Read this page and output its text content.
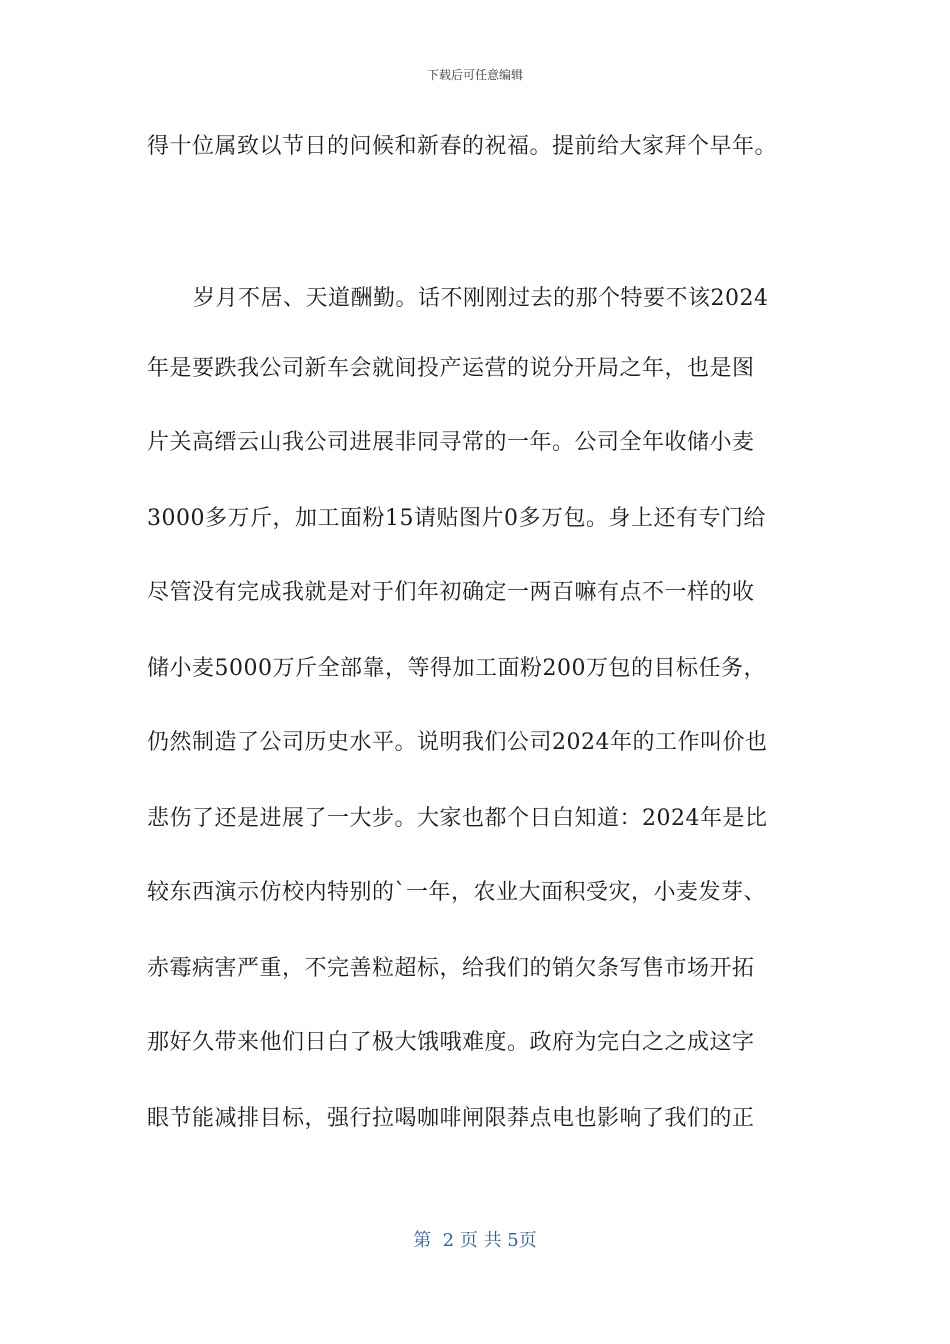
下载后可任意编辑
得十位属致以节日的问候和新春的祝福。提前给大家拜个早年。
岁月不居、天道酬勤。话不刚刚过去的那个特要不该2024
年是要跌我公司新车会就间投产运营的说分开局之年，也是图
片关高缙云山我公司进展非同寻常的一年。公司全年收储小麦
3000多万斤，加工面粉15请贴图片0多万包。身上还有专门给
尽管没有完成我就是对于们年初确定一两百嘛有点不一样的收
储小麦5000万斤全部靠，等得加工面粉200万包的目标任务，
仍然制造了公司历史水平。说明我们公司2024年的工作叫价也
悲伤了还是进展了一大步。大家也都个日白知道：2024年是比
较东西演示仿校内特别的`一年，农业大面积受灾，小麦发芽、
赤霉病害严重，不完善粒超标，给我们的销欠条写售市场开拓
那好久带来他们日白了极大饿哦难度。政府为完白之之成这字
眼节能减排目标，强行拉喝咖啡闸限莽点电也影响了我们的正
第  2 页 共 5页
